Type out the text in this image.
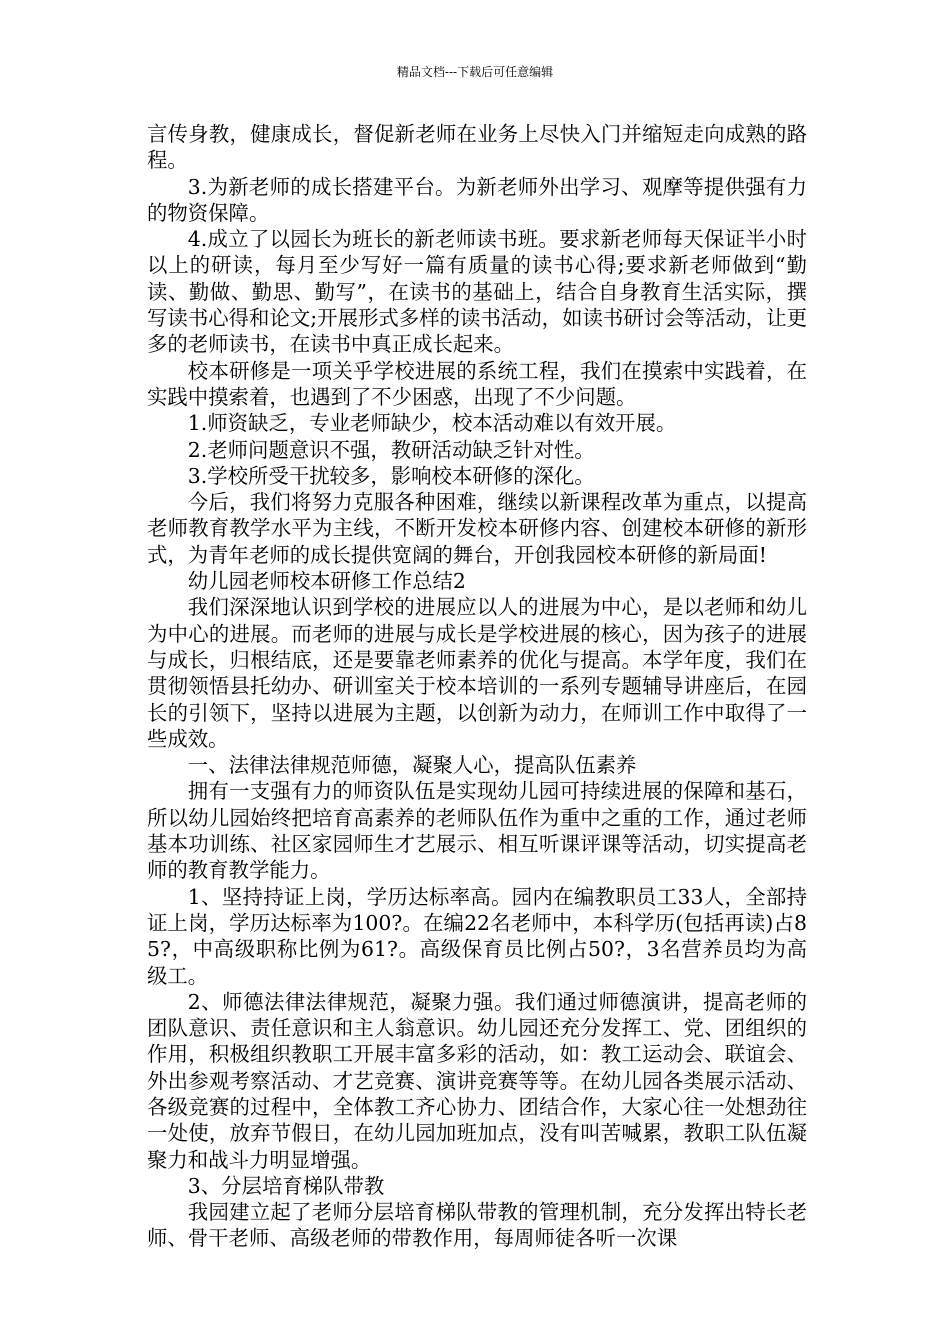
精品文档---下载后可任意编辑

言传身教，健康成长，督促新老师在业务上尽快入门并缩短走向成熟的路程。

3.为新老师的成长搭建平台。为新老师外出学习、观摩等提供强有力的物资保障。

4.成立了以园长为班长的新老师读书班。要求新老师每天保证半小时以上的研读，每月至少写好一篇有质量的读书心得;要求新老师做到“勤读、勤做、勤思、勤写”，在读书的基础上，结合自身教育生活实际，撰写读书心得和论文;开展形式多样的读书活动，如读书研讨会等活动，让更多的老师读书，在读书中真正成长起来。

校本研修是一项关乎学校进展的系统工程，我们在摸索中实践着，在实践中摸索着，也遇到了不少困惑，出现了不少问题。

1.师资缺乏，专业老师缺少，校本活动难以有效开展。

2.老师问题意识不强，教研活动缺乏针对性。

3.学校所受干扰较多，影响校本研修的深化。

今后，我们将努力克服各种困难，继续以新课程改革为重点，以提高老师教育教学水平为主线，不断开发校本研修内容、创建校本研修的新形式，为青年老师的成长提供宽阔的舞台，开创我园校本研修的新局面!

幼儿园老师校本研修工作总结2

我们深深地认识到学校的进展应以人的进展为中心，是以老师和幼儿为中心的进展。而老师的进展与成长是学校进展的核心，因为孩子的进展与成长，归根结底，还是要靠老师素养的优化与提高。本学年度，我们在贯彻领悟县托幼办、研训室关于校本培训的一系列专题辅导讲座后，在园长的引领下，坚持以进展为主题，以创新为动力，在师训工作中取得了一些成效。

一、法律法律规范师德，凝聚人心，提高队伍素养

拥有一支强有力的师资队伍是实现幼儿园可持续进展的保障和基石，所以幼儿园始终把培育高素养的老师队伍作为重中之重的工作，通过老师基本功训练、社区家园师生才艺展示、相互听课评课等活动，切实提高老师的教育教学能力。

1、坚持持证上岗，学历达标率高。园内在编教职员工33人，全部持证上岗，学历达标率为100?。在编22名老师中，本科学历(包括再读)占85?，中高级职称比例为61?。高级保育员比例占50?，3名营养员均为高级工。

2、师德法律法律规范，凝聚力强。我们通过师德演讲，提高老师的团队意识、责任意识和主人翁意识。幼儿园还充分发挥工、党、团组织的作用，积极组织教职工开展丰富多彩的活动，如：教工运动会、联谊会、外出参观考察活动、才艺竞赛、演讲竞赛等等。在幼儿园各类展示活动、各级竞赛的过程中，全体教工齐心协力、团结合作，大家心往一处想劲往一处使，放弃节假日，在幼儿园加班加点，没有叫苦喊累，教职工队伍凝聚力和战斗力明显增强。

3、分层培育梯队带教

我园建立起了老师分层培育梯队带教的管理机制，充分发挥出特长老师、骨干老师、高级老师的带教作用，每周师徒各听一次课
